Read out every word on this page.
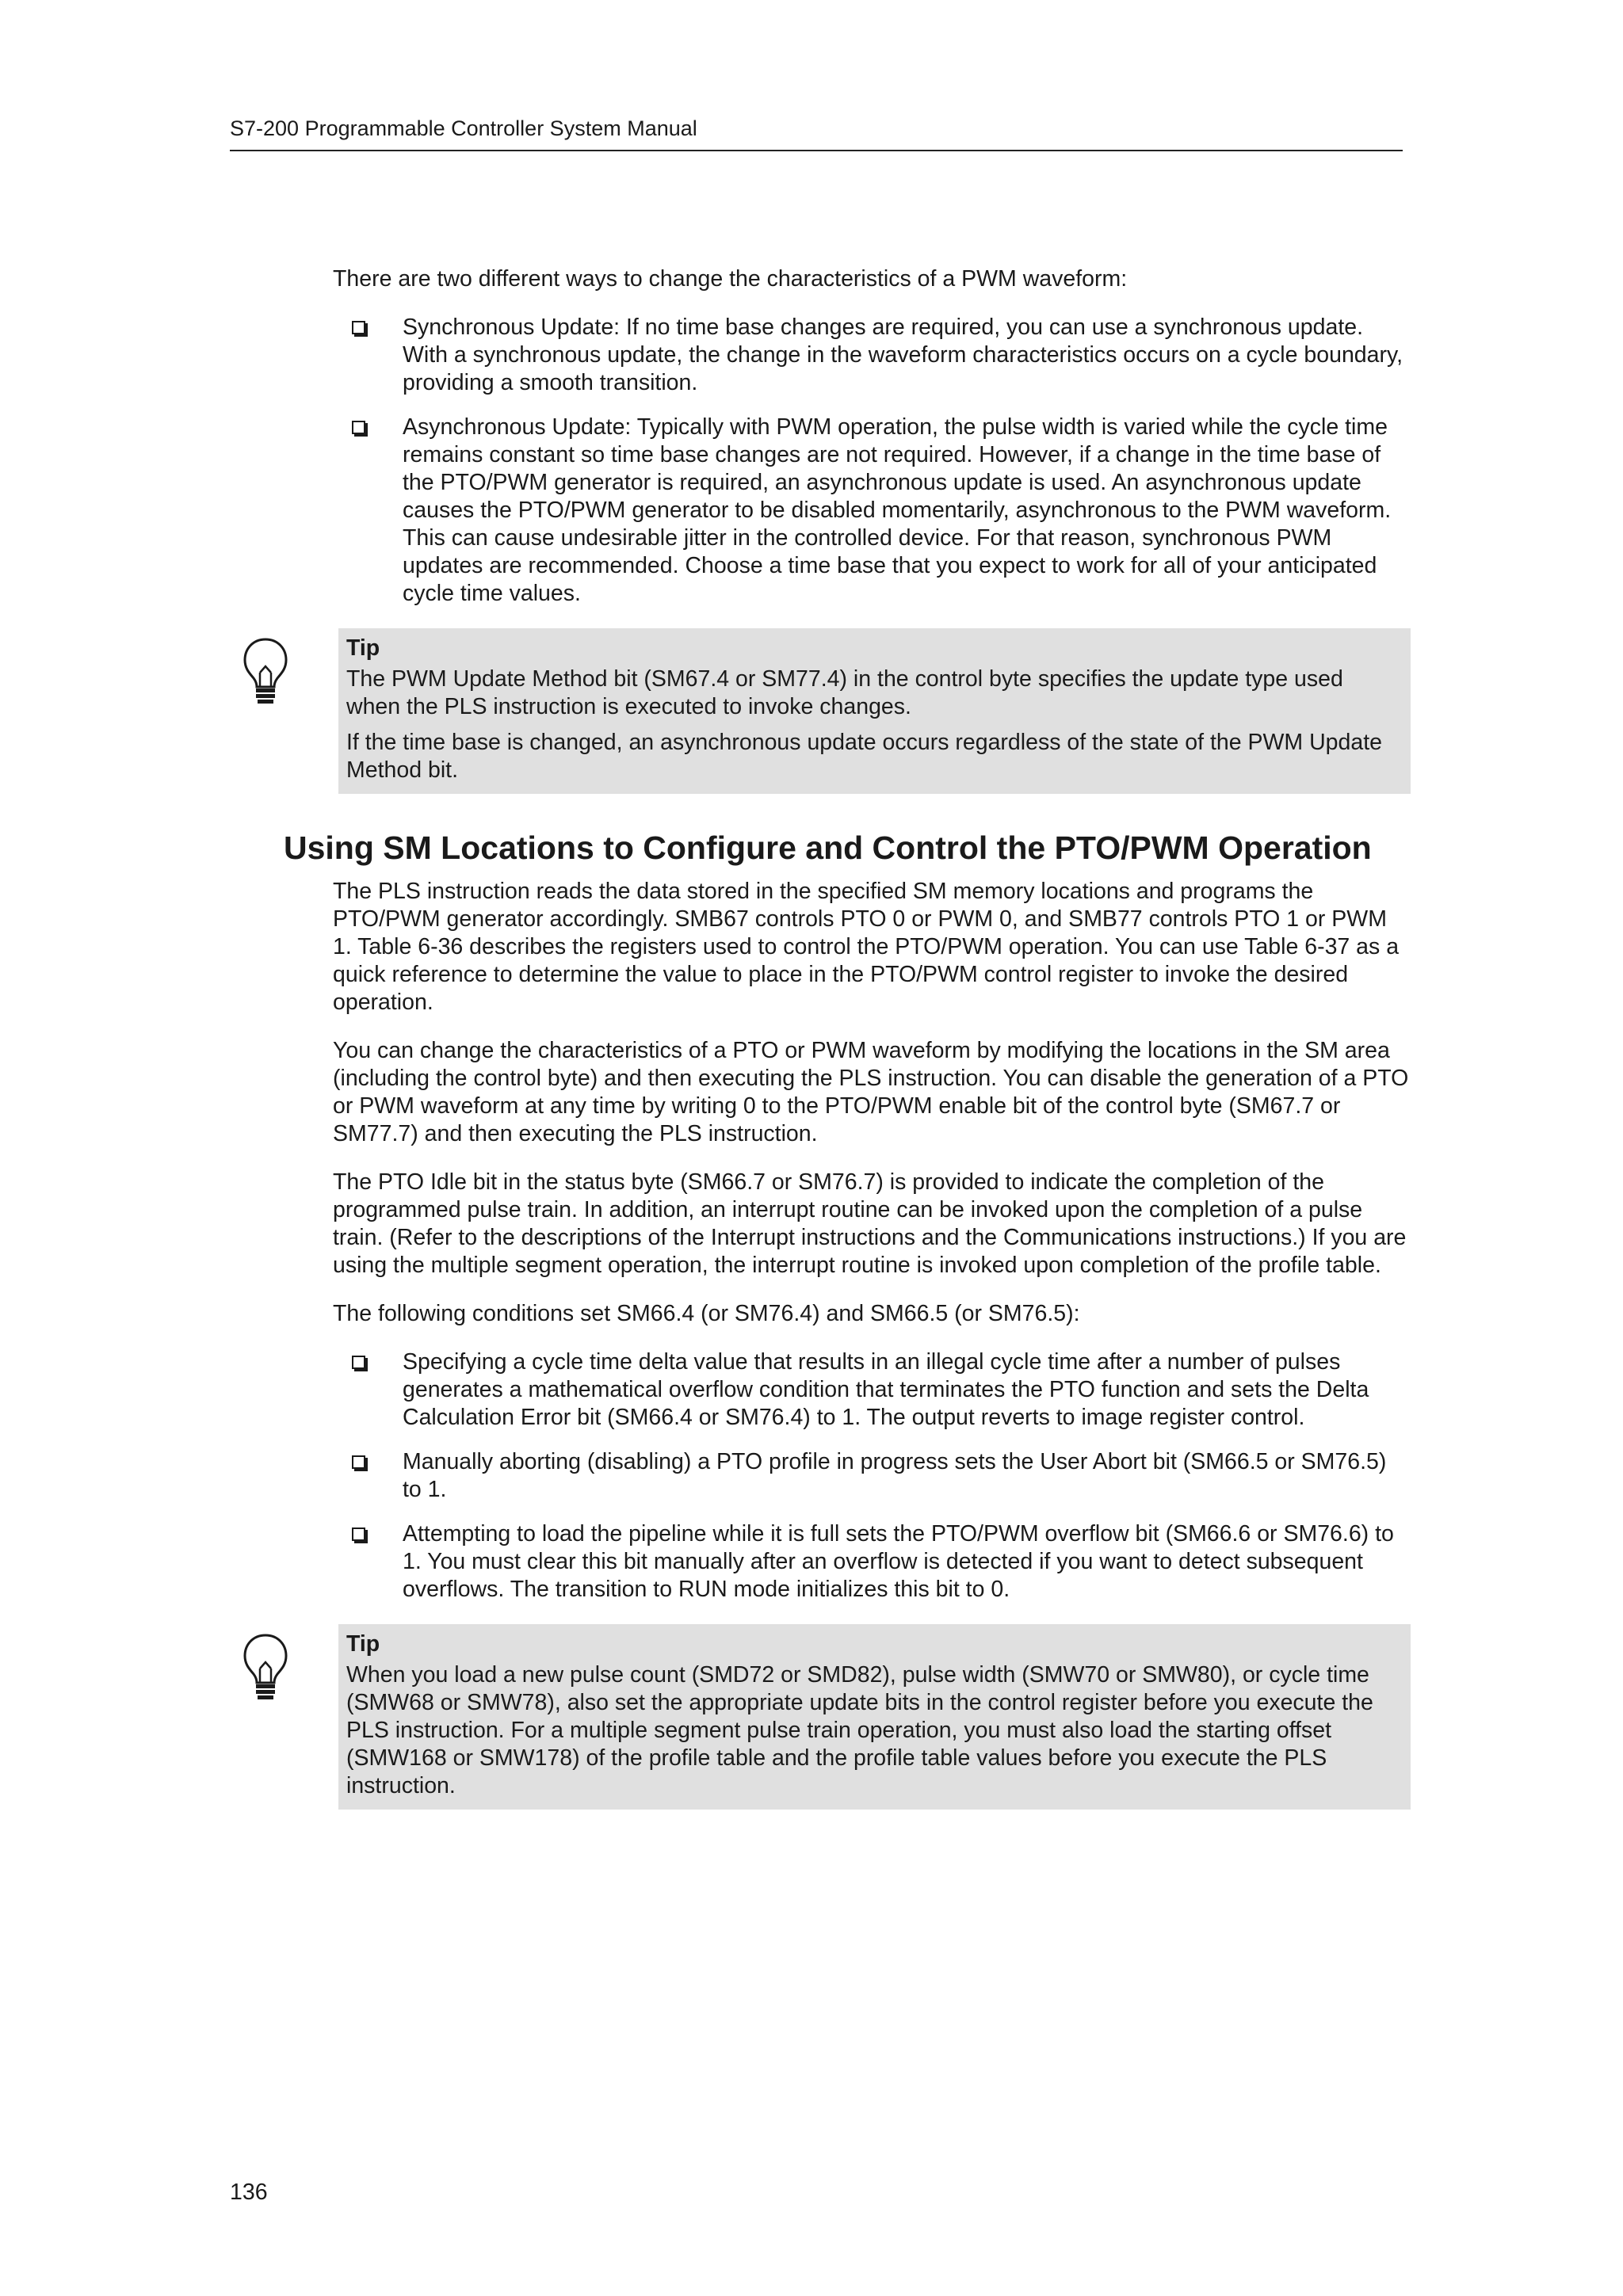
S7-200 Programmable Controller System Manual

There are two different ways to change the characteristics of a PWM waveform:

Synchronous Update: If no time base changes are required, you can use a synchronous update. With a synchronous update, the change in the waveform characteristics occurs on a cycle boundary, providing a smooth transition.
Asynchronous Update: Typically with PWM operation, the pulse width is varied while the cycle time remains constant so time base changes are not required. However, if a change in the time base of the PTO/PWM generator is required, an asynchronous update is used. An asynchronous update causes the PTO/PWM generator to be disabled momentarily, asynchronous to the PWM waveform. This can cause undesirable jitter in the controlled device. For that reason, synchronous PWM updates are recommended. Choose a time base that you expect to work for all of your anticipated cycle time values.
Tip

The PWM Update Method bit (SM67.4 or SM77.4) in the control byte specifies the update type used when the PLS instruction is executed to invoke changes.

If the time base is changed, an asynchronous update occurs regardless of the state of the PWM Update Method bit.

Using SM Locations to Configure and Control the PTO/PWM Operation

The PLS instruction reads the data stored in the specified SM memory locations and programs the PTO/PWM generator accordingly. SMB67 controls PTO 0 or PWM 0, and SMB77 controls PTO 1 or PWM 1. Table 6-36 describes the registers used to control the PTO/PWM operation. You can use Table 6-37 as a quick reference to determine the value to place in the PTO/PWM control register to invoke the desired operation.

You can change the characteristics of a PTO or PWM waveform by modifying the locations in the SM area (including the control byte) and then executing the PLS instruction. You can disable the generation of a PTO or PWM waveform at any time by writing 0 to the PTO/PWM enable bit of the control byte (SM67.7 or SM77.7) and then executing the PLS instruction.

The PTO Idle bit in the status byte (SM66.7 or SM76.7) is provided to indicate the completion of the programmed pulse train. In addition, an interrupt routine can be invoked upon the completion of a pulse train. (Refer to the descriptions of the Interrupt instructions and the Communications instructions.) If you are using the multiple segment operation, the interrupt routine is invoked upon completion of the profile table.

The following conditions set SM66.4 (or SM76.4) and SM66.5 (or SM76.5):

Specifying a cycle time delta value that results in an illegal cycle time after a number of pulses generates a mathematical overflow condition that terminates the PTO function and sets the Delta Calculation Error bit (SM66.4 or SM76.4) to 1. The output reverts to image register control.
Manually aborting (disabling) a PTO profile in progress sets the User Abort bit (SM66.5 or SM76.5) to 1.
Attempting to load the pipeline while it is full sets the PTO/PWM overflow bit (SM66.6 or SM76.6) to 1. You must clear this bit manually after an overflow is detected if you want to detect subsequent overflows. The transition to RUN mode initializes this bit to 0.
Tip

When you load a new pulse count (SMD72 or SMD82), pulse width (SMW70 or SMW80), or cycle time (SMW68 or SMW78), also set the appropriate update bits in the control register before you execute the PLS instruction. For a multiple segment pulse train operation, you must also load the starting offset (SMW168 or SMW178) of the profile table and the profile table values before you execute the PLS instruction.

136
